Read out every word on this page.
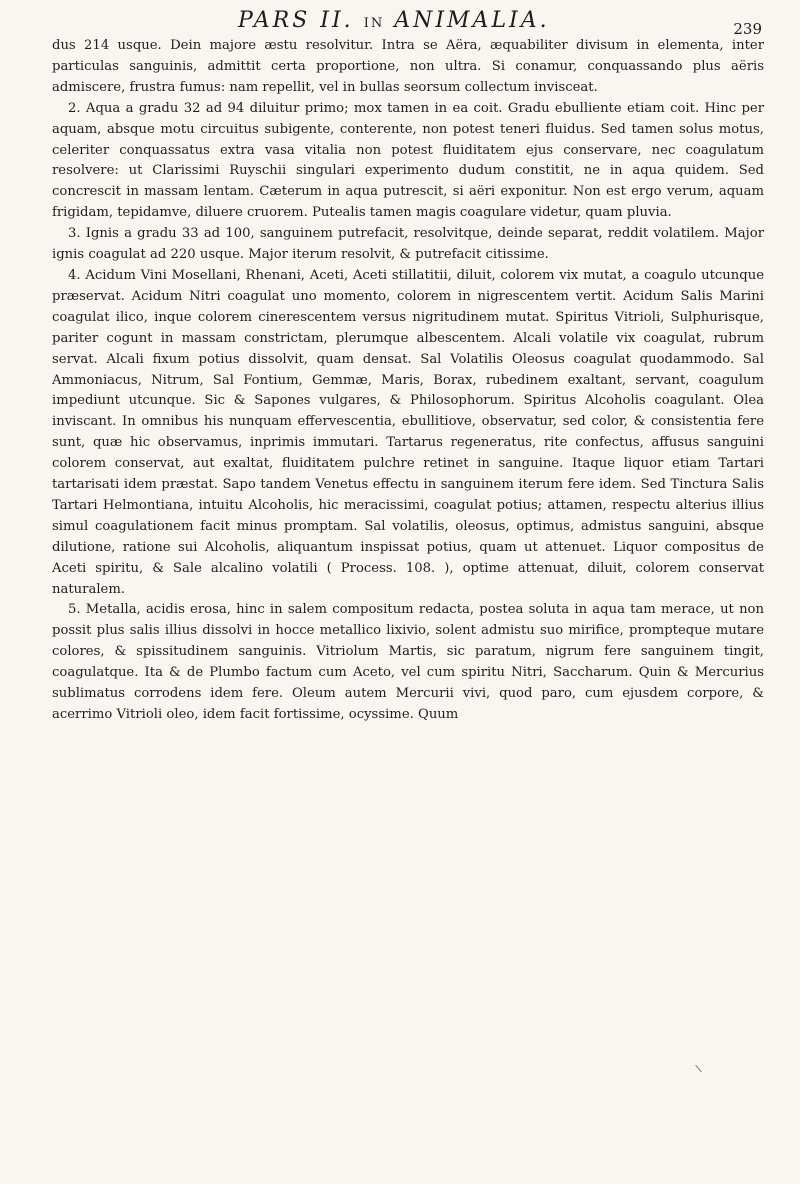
PARS II. IN ANIMALIA.	239

dus 214 usque. Dein majore æstu resolvitur. Intra se Aëra, æquabiliter divisum in elementa, inter particulas sanguinis, admittit certa proportione, non ultra. Si conamur, conquassando plus aëris admiscere, frustra fumus: nam repellit, vel in bullas seorsum collectum invisceat.

2. Aqua a gradu 32 ad 94 diluitur primo; mox tamen in ea coit. Gradu ebulliente etiam coit. Hinc per aquam, absque motu circuitus subigente, conterente, non potest teneri fluidus. Sed tamen solus motus, celeriter conquassatus extra vasa vitalia non potest fluiditatem ejus conservare, nec coagulatum resolvere: ut Clarissimi Ruyschii singulari experimento dudum constitit, ne in aqua quidem. Sed concrescit in massam lentam. Cæterum in aqua putrescit, si aëri exponitur. Non est ergo verum, aquam frigidam, tepidamve, diluere cruorem. Putealis tamen magis coagulare videtur, quam pluvia.

3. Ignis a gradu 33 ad 100, sanguinem putrefacit, resolvitque, deinde separat, reddit volatilem. Major ignis coagulat ad 220 usque. Major iterum resolvit, & putrefacit citissime.

4. Acidum Vini Mosellani, Rhenani, Aceti, Aceti stillatitii, diluit, colorem vix mutat, a coagulo utcunque præservat. Acidum Nitri coagulat uno momento, colorem in nigrescentem vertit. Acidum Salis Marini coagulat ilico, inque colorem cinerescentem versus nigritudinem mutat. Spiritus Vitrioli, Sulphurisque, pariter cogunt in massam constrictam, plerumque albescentem. Alcali volatile vix coagulat, rubrum servat. Alcali fixum potius dissolvit, quam densat. Sal Volatilis Oleosus coagulat quodammodo. Sal Ammoniacus, Nitrum, Sal Fontium, Gemmæ, Maris, Borax, rubedinem exaltant, servant, coagulum impediunt utcunque. Sic & Sapones vulgares, & Philosophorum. Spiritus Alcoholis coagulant. Olea inviscant. In omnibus his nunquam effervescentia, ebullitiove, observatur, sed color, & consistentia fere sunt, quæ hic observamus, inprimis immutari. Tartarus regeneratus, rite confectus, affusus sanguini colorem conservat, aut exaltat, fluiditatem pulchre retinet in sanguine. Itaque liquor etiam Tartari tartarisati idem præstat. Sapo tandem Venetus effectu in sanguinem iterum fere idem. Sed Tinctura Salis Tartari Helmontiana, intuitu Alcoholis, hic meracissimi, coagulat potius; attamen, respectu alterius illius simul coagulationem facit minus promptam. Sal volatilis, oleosus, optimus, admistus sanguini, absque dilutione, ratione sui Alcoholis, aliquantum inspissat potius, quam ut attenuet. Liquor compositus de Aceti spiritu, & Sale alcalino volatili ( Process. 108. ), optime attenuat, diluit, colorem conservat naturalem.

5. Metalla, acidis erosa, hinc in salem compositum redacta, postea soluta in aqua tam merace, ut non possit plus salis illius dissolvi in hocce metallico lixivio, solent admistu suo mirifice, prompteque mutare colores, & spissitudinem sanguinis. Vitriolum Martis, sic paratum, nigrum fere sanguinem tingit, coagulatque. Ita & de Plumbo factum cum Aceto, vel cum spiritu Nitri, Saccharum. Quin & Mercurius sublimatus corrodens idem fere. Oleum autem Mercurii vivi, quod paro, cum ejusdem corpore, & acerrimo Vitrioli oleo, idem facit fortissime, ocyssime. Quum
